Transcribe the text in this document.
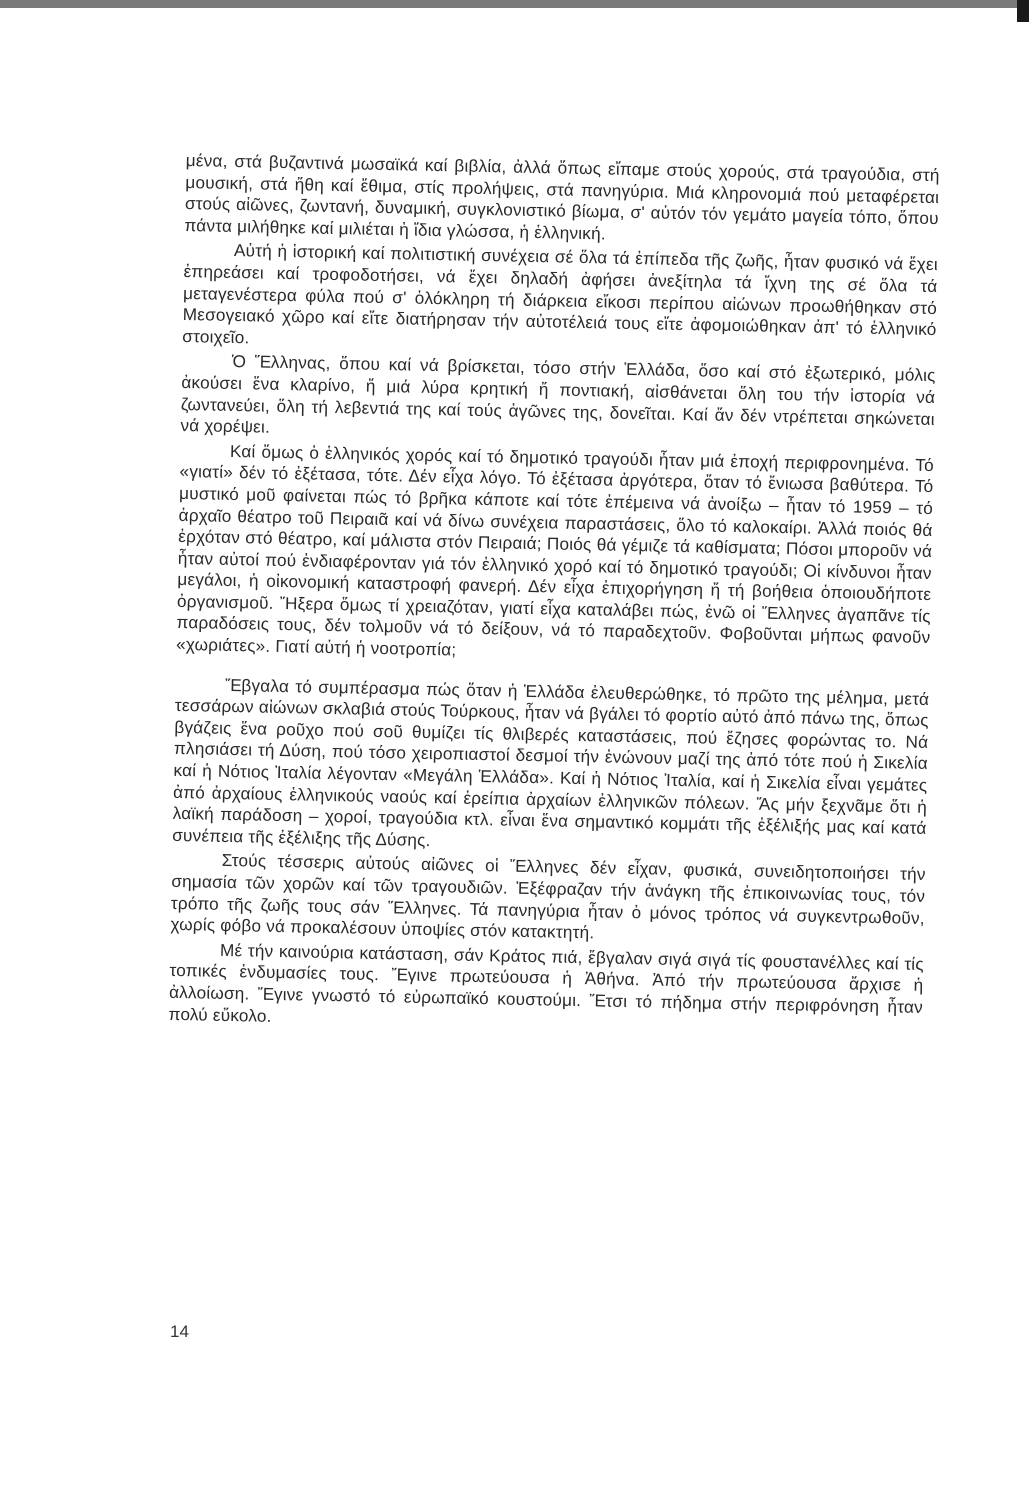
μένα, στά βυζαντινά μωσαϊκά καί βιβλία, ἀλλά ὅπως εἴπαμε στούς χορούς, στά τραγούδια, στή μουσική, στά ἤθη καί ἔθιμα, στίς προλήψεις, στά πανηγύρια. Μιά κληρονομιά πού μεταφέρεται στούς αἰῶνες, ζωντανή, δυναμική, συγκλονιστικό βίωμα, σ' αὐτόν τόν γεμάτο μαγεία τόπο, ὅπου πάντα μιλήθηκε καί μιλιέται ἡ ἴδια γλώσσα, ἡ ἑλληνική.

Αὐτή ἡ ἱστορική καί πολιτιστική συνέχεια σέ ὅλα τά ἐπίπεδα τῆς ζωῆς, ἦταν φυσικό νά ἔχει ἐπηρεάσει καί τροφοδοτήσει, νά ἔχει δηλαδή ἀφήσει ἀνεξίτηλα τά ἴχνη της σέ ὅλα τά μεταγενέστερα φύλα πού σ' ὁλόκληρη τή διάρκεια εἴκοσι περίπου αἰώνων προωθήθηκαν στό Μεσογειακό χῶρο καί εἴτε διατήρησαν τήν αὐτοτέλειά τους εἴτε ἀφομοιώθηκαν ἀπ' τό ἑλληνικό στοιχεῖο.

Ὁ Ἕλληνας, ὅπου καί νά βρίσκεται, τόσο στήν Ἑλλάδα, ὅσο καί στό ἐξωτερικό, μόλις ἀκούσει ἕνα κλαρίνο, ἤ μιά λύρα κρητική ἤ ποντιακή, αἰσθάνεται ὅλη του τήν ἱστορία νά ζωντανεύει, ὅλη τή λεβεντιά της καί τούς ἀγῶνες της, δονεῖται. Καί ἄν δέν ντρέπεται σηκώνεται νά χορέψει.

Καί ὅμως ὁ ἑλληνικός χορός καί τό δημοτικό τραγούδι ἦταν μιά ἐποχή περιφρονημένα. Τό «γιατί» δέν τό ἐξέτασα, τότε. Δέν εἶχα λόγο. Τό ἐξέτασα ἀργότερα, ὅταν τό ἔνιωσα βαθύτερα. Τό μυστικό μοῦ φαίνεται πώς τό βρῆκα κάποτε καί τότε ἐπέμεινα νά ἀνοίξω – ἦταν τό 1959 – τό ἀρχαῖο θέατρο τοῦ Πειραιᾶ καί νά δίνω συνέχεια παραστάσεις, ὅλο τό καλοκαίρι. Ἀλλά ποιός θά ἐρχόταν στό θέατρο, καί μάλιστα στόν Πειραιά; Ποιός θά γέμιζε τά καθίσματα; Πόσοι μποροῦν νά ἦταν αὐτοί πού ἐνδιαφέρονταν γιά τόν ἑλληνικό χορό καί τό δημοτικό τραγούδι; Οἱ κίνδυνοι ἦταν μεγάλοι, ἡ οἰκονομική καταστροφή φανερή. Δέν εἶχα ἐπιχορήγηση ἤ τή βοήθεια ὁποιουδήποτε ὀργανισμοῦ. Ἤξερα ὅμως τί χρειαζόταν, γιατί εἶχα καταλάβει πώς, ἐνῶ οἱ Ἕλληνες ἀγαπᾶνε τίς παραδόσεις τους, δέν τολμοῦν νά τό δείξουν, νά τό παραδεχτοῦν. Φοβοῦνται μήπως φανοῦν «χωριάτες». Γιατί αὐτή ἡ νοοτροπία;

Ἔβγαλα τό συμπέρασμα πώς ὅταν ἡ Ἑλλάδα ἐλευθερώθηκε, τό πρῶτο της μέλημα, μετά τεσσάρων αἰώνων σκλαβιά στούς Τούρκους, ἦταν νά βγάλει τό φορτίο αὐτό ἀπό πάνω της, ὅπως βγάζεις ἕνα ροῦχο πού σοῦ θυμίζει τίς θλιβερές καταστάσεις, πού ἔζησες φορώντας το. Νά πλησιάσει τή Δύση, πού τόσο χειροπιαστοί δεσμοί τήν ἑνώνουν μαζί της ἀπό τότε πού ἡ Σικελία καί ἡ Νότιος Ἰταλία λέγονταν «Μεγάλη Ἑλλάδα». Καί ἡ Νότιος Ἰταλία, καί ἡ Σικελία εἶναι γεμάτες ἀπό ἀρχαίους ἑλληνικούς ναούς καί ἐρείπια ἀρχαίων ἑλληνικῶν πόλεων. Ἄς μήν ξεχνᾶμε ὅτι ἡ λαϊκή παράδοση – χοροί, τραγούδια κτλ. εἶναι ἕνα σημαντικό κομμάτι τῆς ἐξέλιξής μας καί κατά συνέπεια τῆς ἐξέλιξης τῆς Δύσης.

Στούς τέσσερις αὐτούς αἰῶνες οἱ Ἕλληνες δέν εἶχαν, φυσικά, συνειδητοποιήσει τήν σημασία τῶν χορῶν καί τῶν τραγουδιῶν. Ἐξέφραζαν τήν ἀνάγκη τῆς ἐπικοινωνίας τους, τόν τρόπο τῆς ζωῆς τους σάν Ἕλληνες. Τά πανηγύρια ἦταν ὁ μόνος τρόπος νά συγκεντρωθοῦν, χωρίς φόβο νά προκαλέσουν ὑποψίες στόν κατακτητή.

Μέ τήν καινούρια κατάσταση, σάν Κράτος πιά, ἔβγαλαν σιγά σιγά τίς φουστανέλλες καί τίς τοπικές ἐνδυμασίες τους. Ἔγινε πρωτεύουσα ἡ Ἀθήνα. Ἀπό τήν πρωτεύουσα ἄρχισε ἡ ἀλλοίωση. Ἔγινε γνωστό τό εὐρωπαϊκό κουστούμι. Ἔτσι τό πήδημα στήν περιφρόνηση ἦταν πολύ εὔκολο.

14
